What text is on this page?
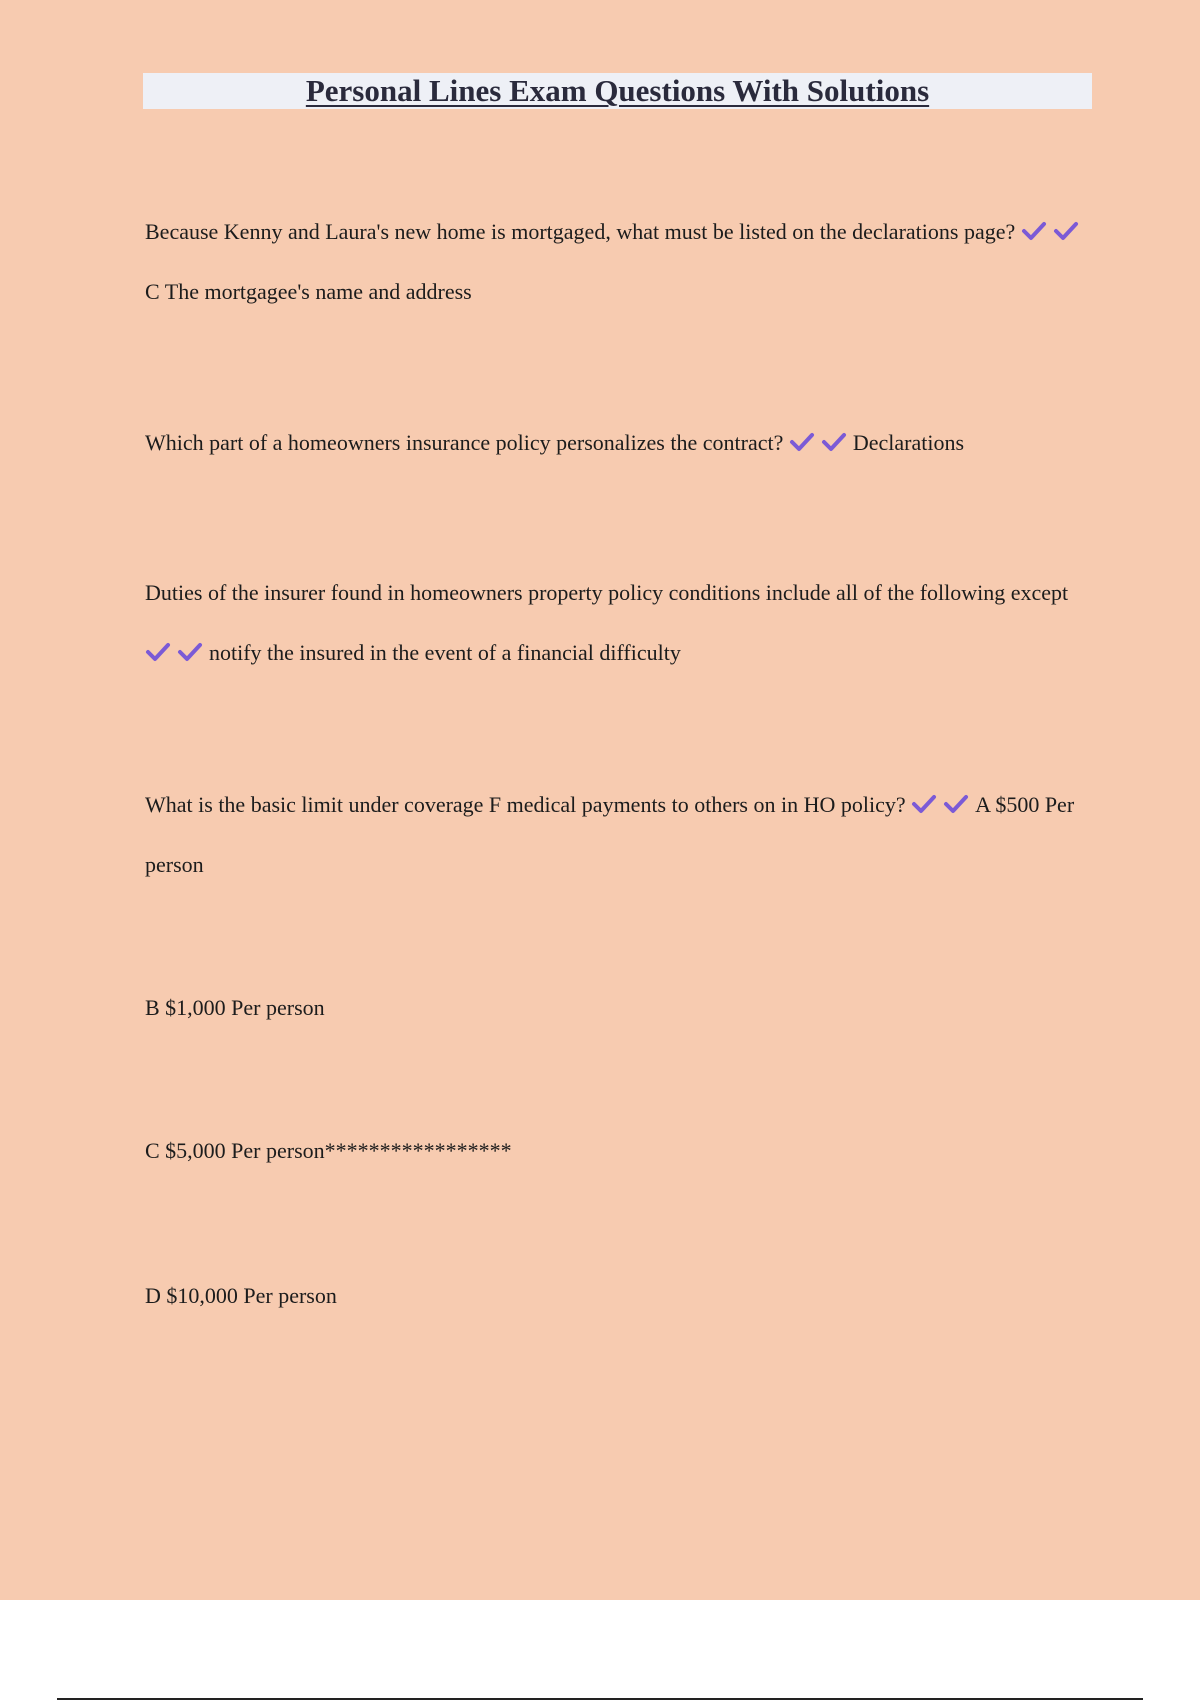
Personal Lines Exam Questions With Solutions

Because Kenny and Laura's new home is mortgaged, what must be listed on the declarations page?
C The mortgagee's name and address

Which part of a homeowners insurance policy personalizes the contract?	Declarations

Duties of the insurer found in homeowners property policy conditions include all of the following except
notify the insured in the event of a financial difficulty

What is the basic limit under coverage F medical payments to others on in HO policy?	A $500 Per person

B $1,000 Per person

C $5,000 Per person*****************

D $10,000 Per person
